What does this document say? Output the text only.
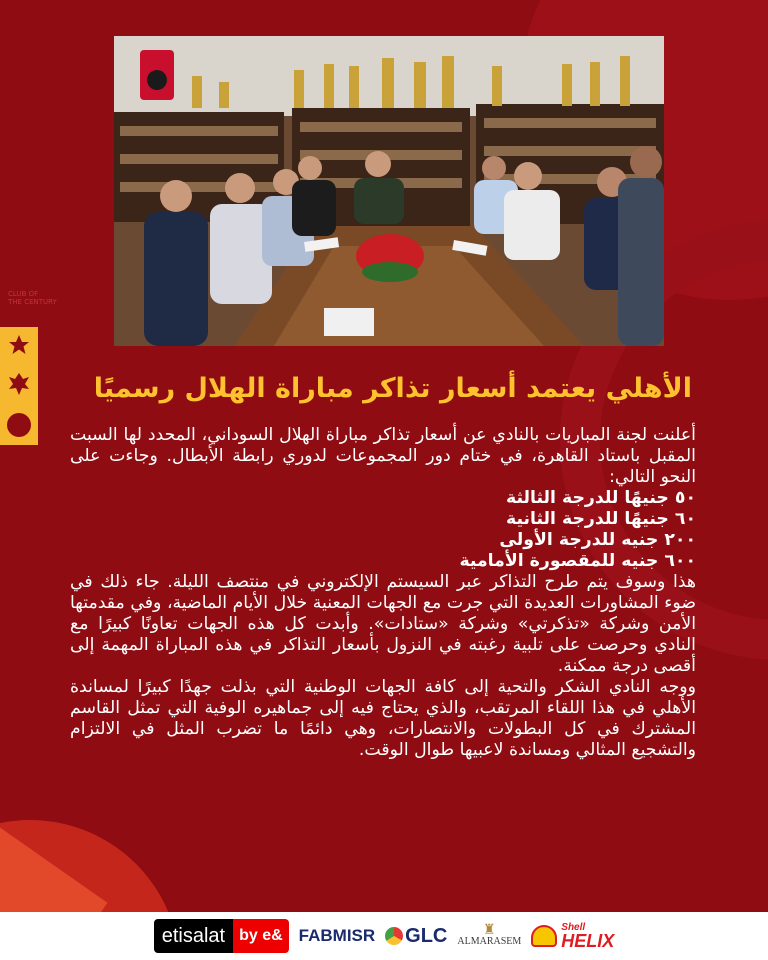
CLUB OF
THE CENTURY
الأهلي يعتمد أسعار تذاكر مباراة الهلال رسميًا

أعلنت لجنة المباريات بالنادي عن أسعار تذاكر مباراة الهلال السوداني، المحدد لها السبت المقبل باستاد القاهرة، في ختام دور المجموعات لدوري رابطة الأبطال. وجاءت على النحو التالي:

٥٠ جنيهًا للدرجة الثالثة

٦٠ جنيهًا للدرجة الثانية

٢٠٠ جنيه للدرجة الأولى

٦٠٠ جنيه للمقصورة الأمامية

هذا وسوف يتم طرح التذاكر عبر السيستم الإلكتروني في منتصف الليلة. جاء ذلك في ضوء المشاورات العديدة التي جرت مع الجهات المعنية خلال الأيام الماضية، وفي مقدمتها الأمن وشركة «تذكرتي» وشركة «ستادات». وأبدت كل هذه الجهات تعاونًا كبيرًا مع النادي وحرصت على تلبية رغبته في النزول بأسعار التذاكر في هذه المباراة المهمة إلى أقصى درجة ممكنة.

ووجه النادي الشكر والتحية إلى كافة الجهات الوطنية التي بذلت جهدًا كبيرًا لمساندة الأهلي في هذا اللقاء المرتقب، والذي يحتاج فيه إلى جماهيره الوفية التي تمثل القاسم المشترك في كل البطولات والانتصارات، وهي دائمًا ما تضرب المثل في الالتزام والتشجيع المثالي ومساندة لاعبيها طوال الوقت.

etisalat by e& FABMISR GLC	♜
ALMARASEM
Shell
HELIX
